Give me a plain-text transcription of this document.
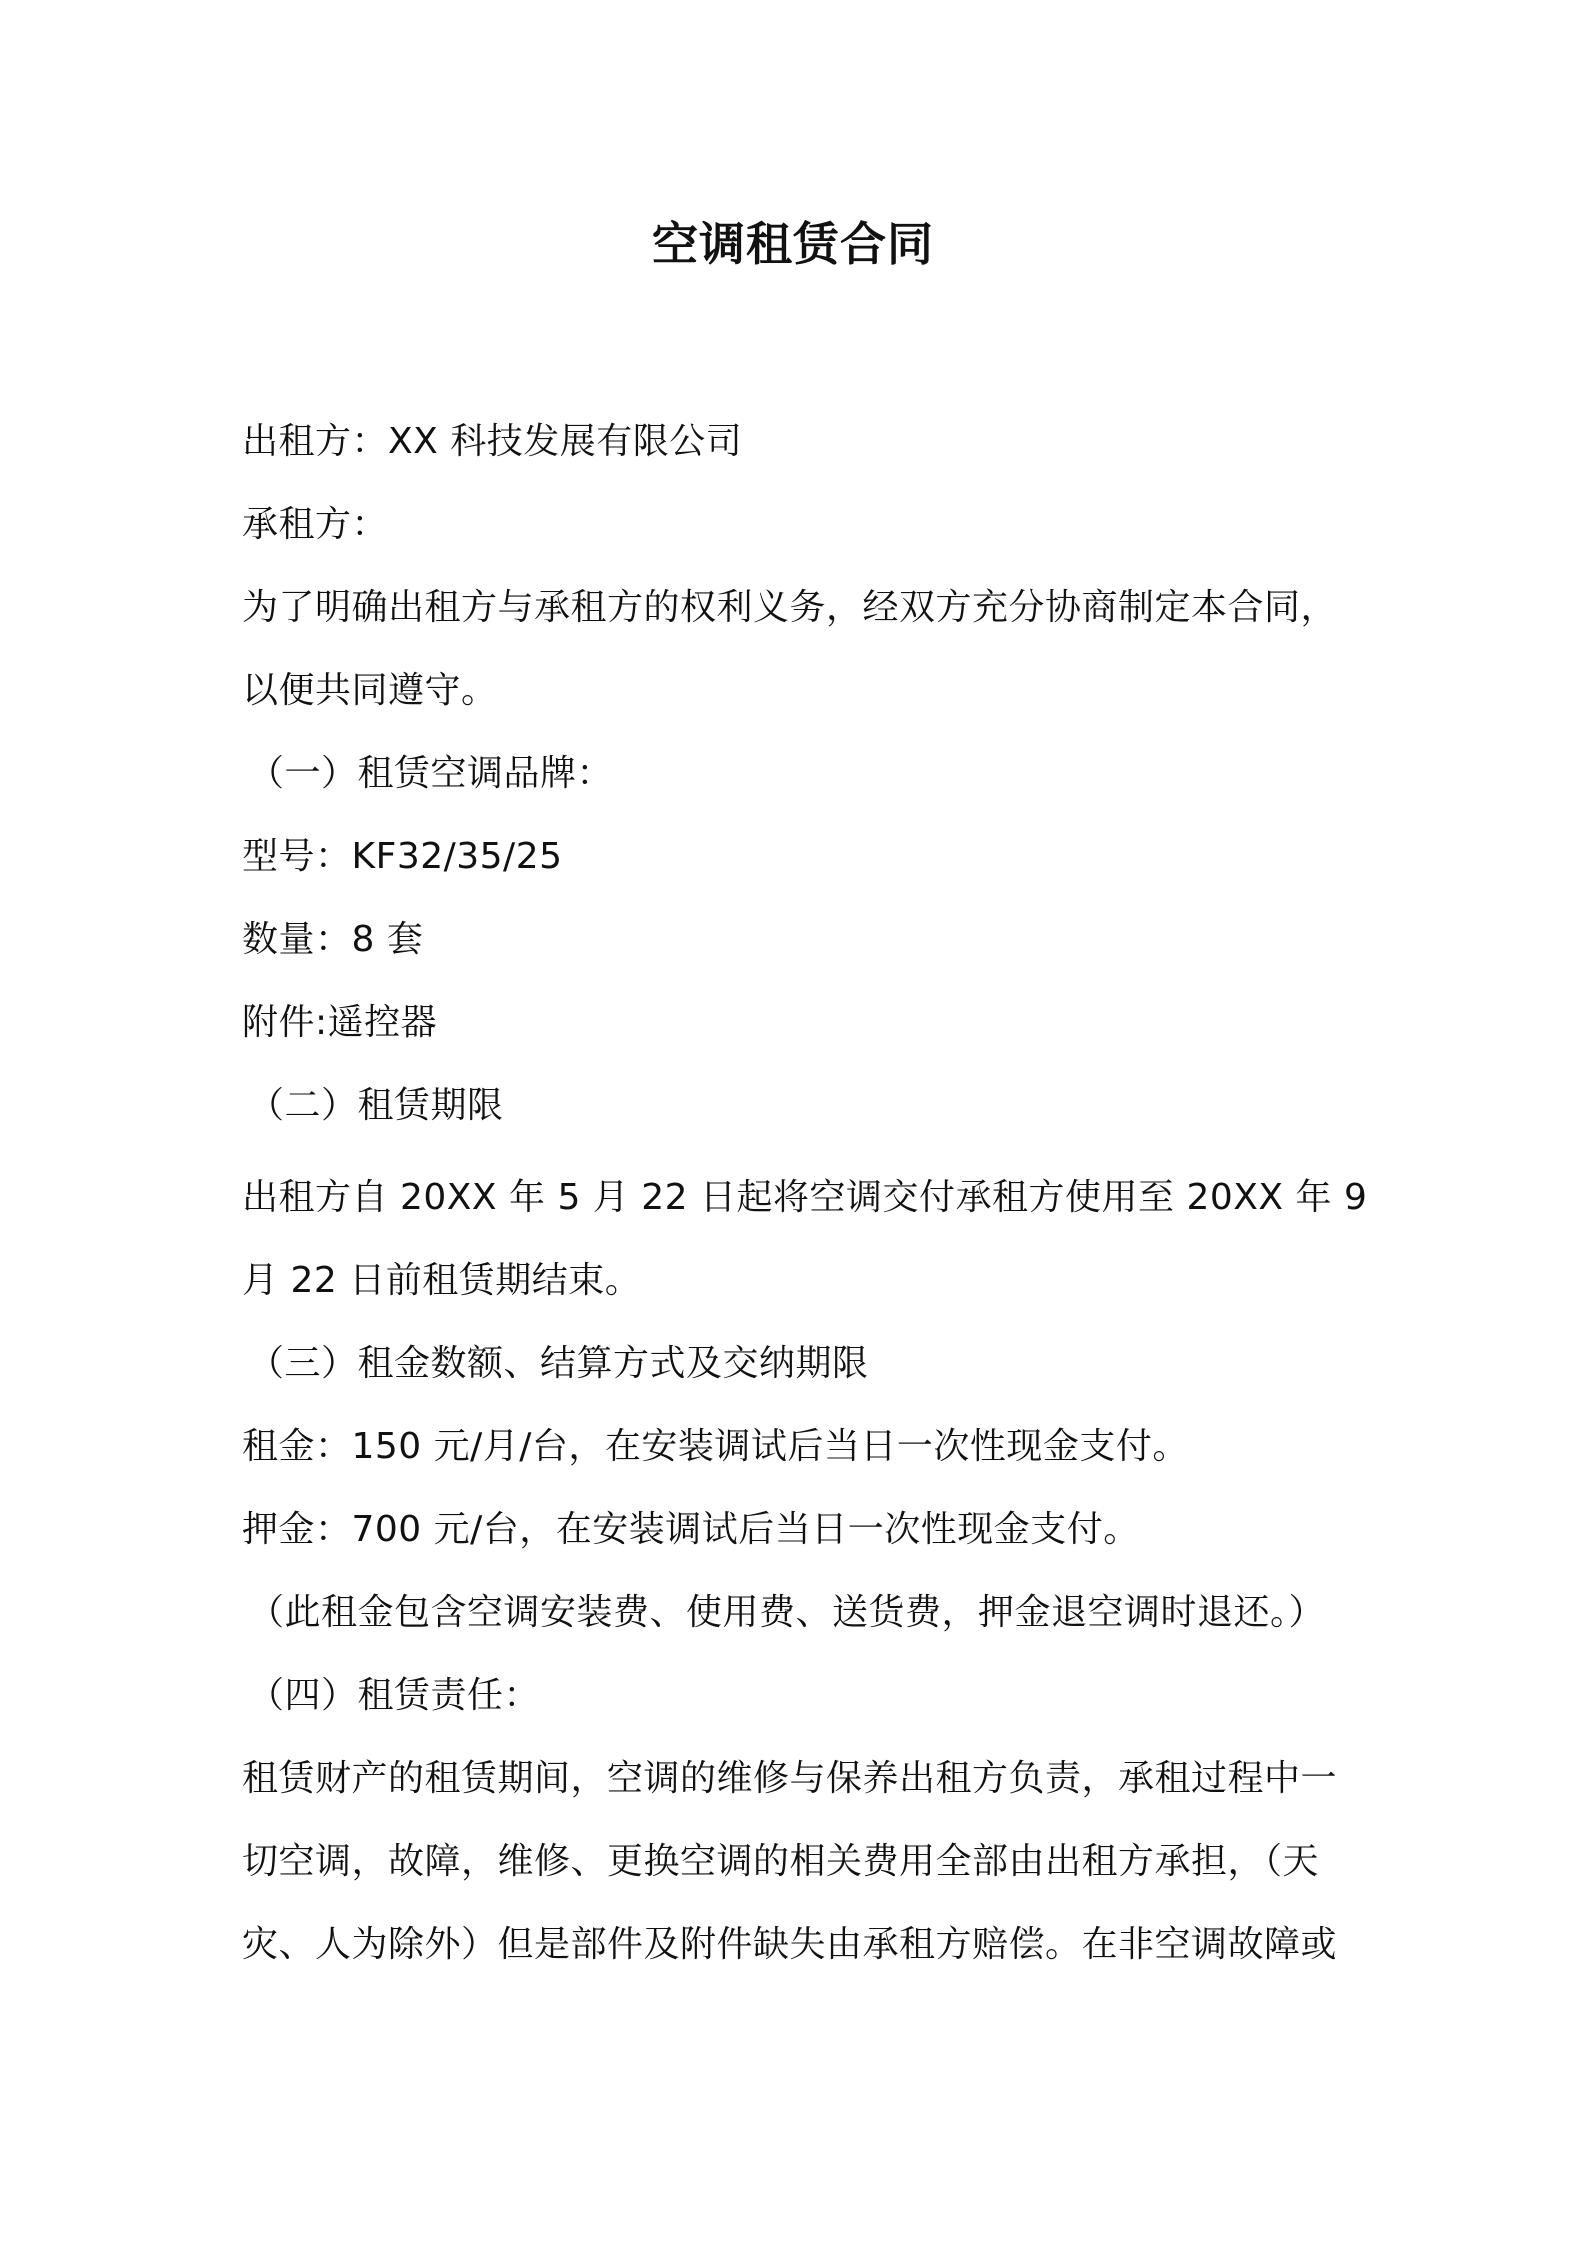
空调租赁合同
出租方：XX 科技发展有限公司
承租方：
为了明确出租方与承租方的权利义务，经双方充分协商制定本合同，
以便共同遵守。
（一）租赁空调品牌：
型号：KF32/35/25
数量：8 套
附件:遥控器
（二）租赁期限
出租方自 20XX 年 5 月 22 日起将空调交付承租方使用至 20XX 年 9
月 22 日前租赁期结束。
（三）租金数额、结算方式及交纳期限
租金：150 元/月/台，在安装调试后当日一次性现金支付。
押金：700 元/台，在安装调试后当日一次性现金支付。
（此租金包含空调安装费、使用费、送货费，押金退空调时退还。）
（四）租赁责任：
租赁财产的租赁期间，空调的维修与保养出租方负责，承租过程中一
切空调，故障，维修、更换空调的相关费用全部由出租方承担，（天
灾、人为除外）但是部件及附件缺失由承租方赔偿。在非空调故障或
